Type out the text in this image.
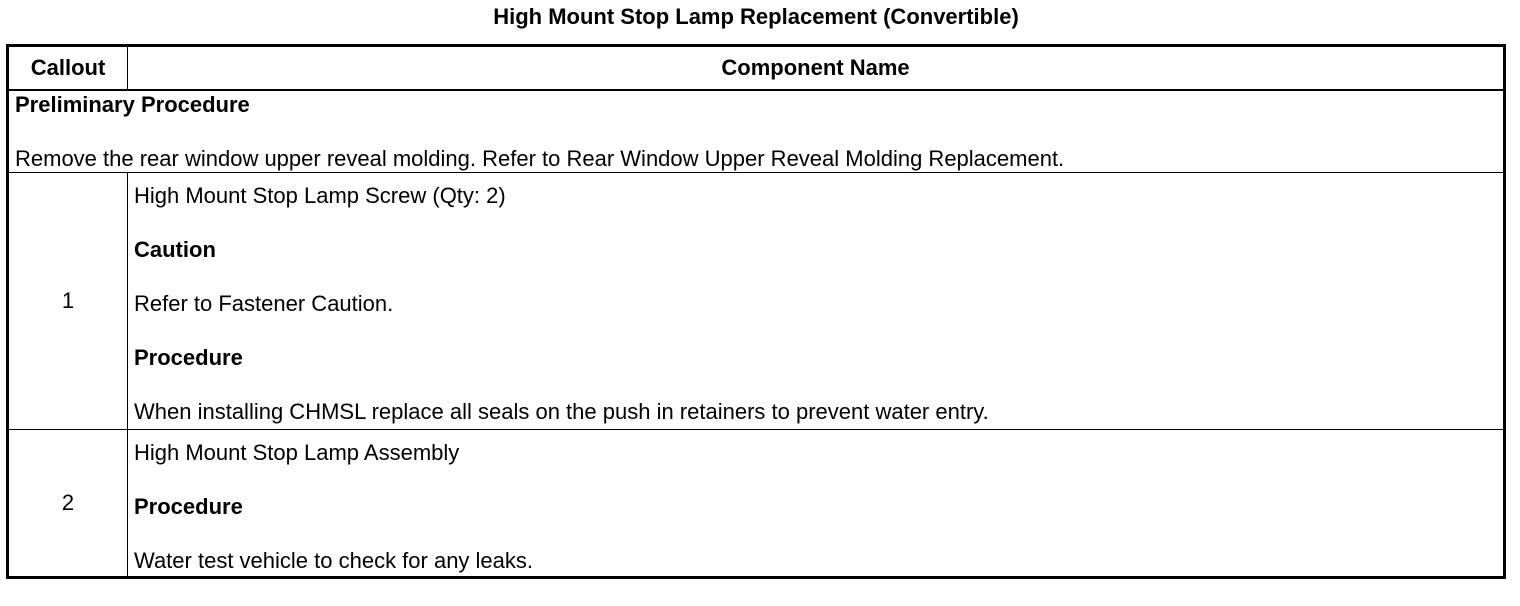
High Mount Stop Lamp Replacement (Convertible)
Callout	Component Name

Preliminary Procedure

Remove the rear window upper reveal molding. Refer to Rear Window Upper Reveal Molding Replacement.	

1	High Mount Stop Lamp Screw (Qty: 2)

Caution

Refer to Fastener Caution.

Procedure

When installing CHMSL replace all seals on the push in retainers to prevent water entry.

2	High Mount Stop Lamp Assembly

Procedure

Water test vehicle to check for any leaks.
